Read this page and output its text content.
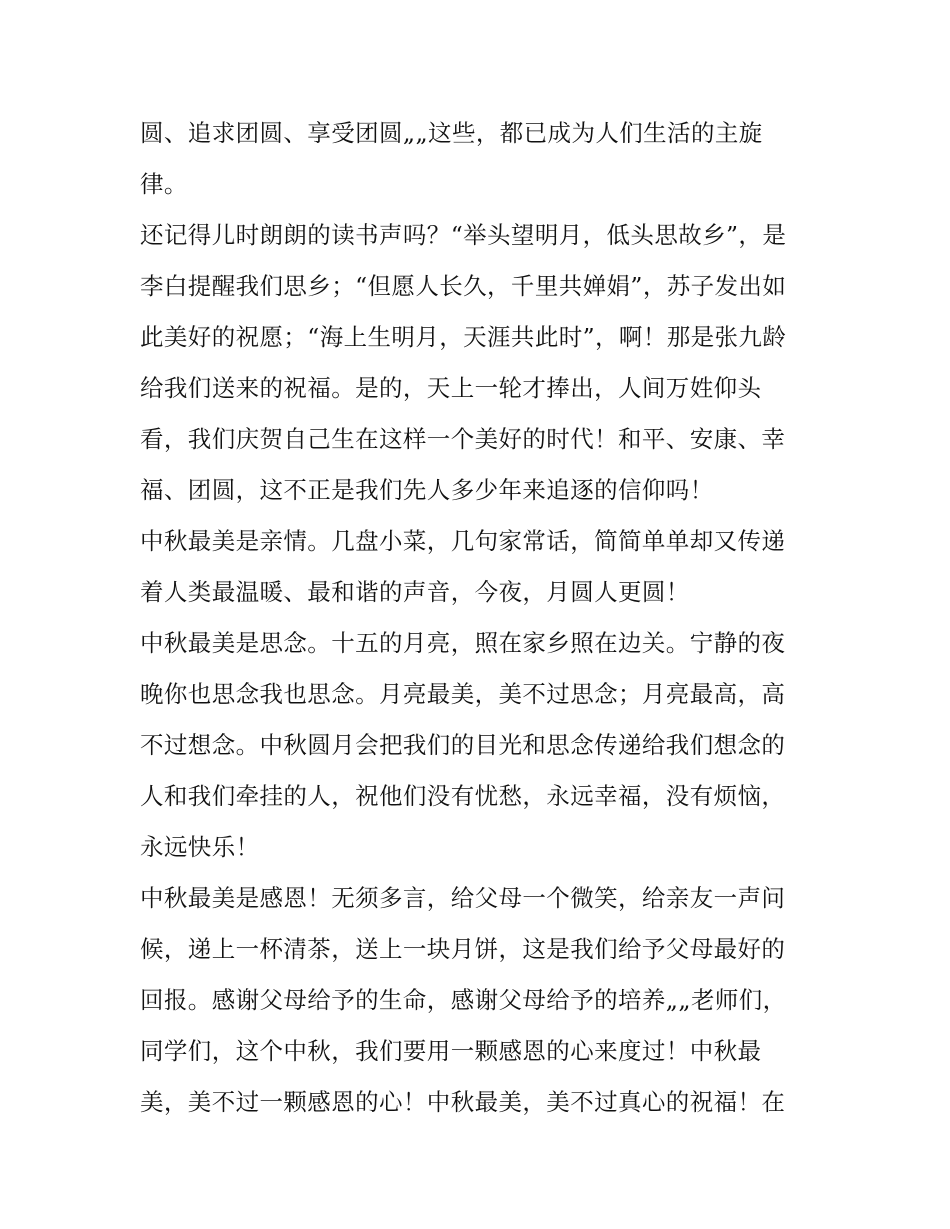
圆、追求团圆、享受团圆„„这些，都已成为人们生活的主旋
律。
还记得儿时朗朗的读书声吗？“举头望明月，低头思故乡”，是
李白提醒我们思乡；“但愿人长久，千里共婵娟”，苏子发出如
此美好的祝愿；“海上生明月，天涯共此时”，啊！那是张九龄
给我们送来的祝福。是的，天上一轮才捧出，人间万姓仰头
看，我们庆贺自己生在这样一个美好的时代！和平、安康、幸
福、团圆，这不正是我们先人多少年来追逐的信仰吗！
中秋最美是亲情。几盘小菜，几句家常话，简简单单却又传递
着人类最温暖、最和谐的声音，今夜，月圆人更圆！
中秋最美是思念。十五的月亮，照在家乡照在边关。宁静的夜
晚你也思念我也思念。月亮最美，美不过思念；月亮最高，高
不过想念。中秋圆月会把我们的目光和思念传递给我们想念的
人和我们牵挂的人，祝他们没有忧愁，永远幸福，没有烦恼，
永远快乐！
中秋最美是感恩！无须多言，给父母一个微笑，给亲友一声问
候，递上一杯清茶，送上一块月饼，这是我们给予父母最好的
回报。感谢父母给予的生命，感谢父母给予的培养„„老师们，
同学们，这个中秋，我们要用一颗感恩的心来度过！中秋最
美，美不过一颗感恩的心！中秋最美，美不过真心的祝福！在
